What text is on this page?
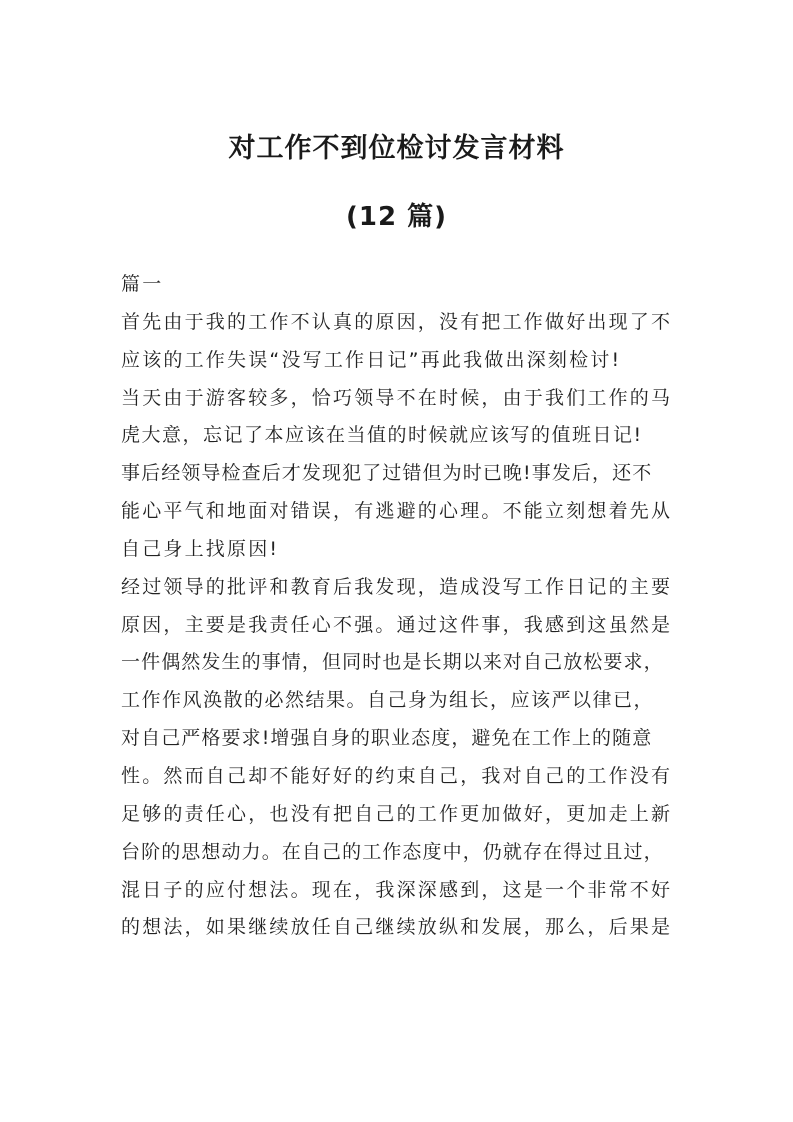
对工作不到位检讨发言材料
(12 篇)
篇一
首先由于我的工作不认真的原因，没有把工作做好出现了不
应该的工作失误“没写工作日记”再此我做出深刻检讨!
当天由于游客较多，恰巧领导不在时候，由于我们工作的马
虎大意，忘记了本应该在当值的时候就应该写的值班日记!
事后经领导检查后才发现犯了过错但为时已晚!事发后，还不
能心平气和地面对错误，有逃避的心理。不能立刻想着先从
自己身上找原因!
经过领导的批评和教育后我发现，造成没写工作日记的主要
原因，主要是我责任心不强。通过这件事，我感到这虽然是
一件偶然发生的事情，但同时也是长期以来对自己放松要求，
工作作风涣散的必然结果。自己身为组长，应该严以律已，
对自己严格要求!增强自身的职业态度，避免在工作上的随意
性。然而自己却不能好好的约束自己，我对自己的工作没有
足够的责任心，也没有把自己的工作更加做好，更加走上新
台阶的思想动力。在自己的工作态度中，仍就存在得过且过，
混日子的应付想法。现在，我深深感到，这是一个非常不好
的想法，如果继续放任自己继续放纵和发展，那么，后果是
